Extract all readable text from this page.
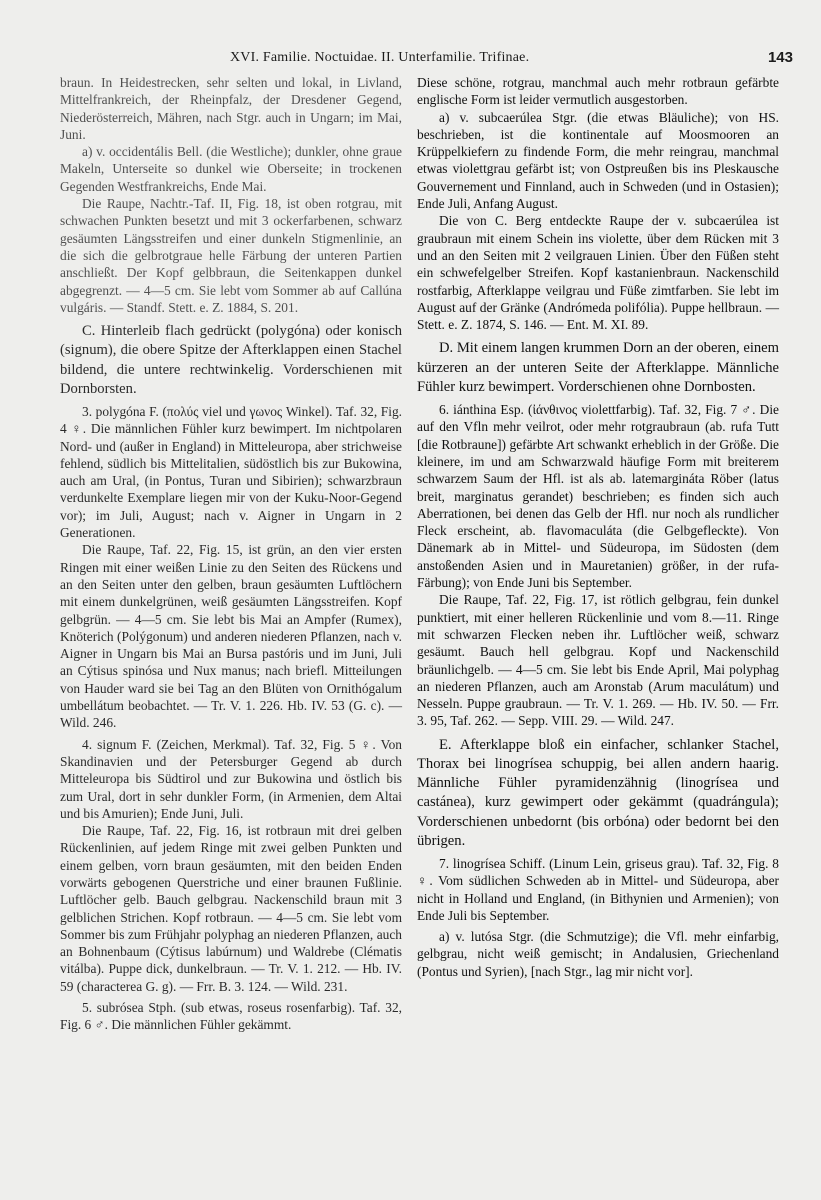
XVI. Familie. Noctuidae. II. Unterfamilie. Trifinae.	143

braun. In Heidestrecken, sehr selten und lokal, in Livland, Mittelfrankreich, der Rheinpfalz, der Dresdener Gegend, Niederösterreich, Mähren, nach Stgr. auch in Ungarn; im Mai, Juni.

a) v. occidentális Bell. (die Westliche); dunkler, ohne graue Makeln, Unterseite so dunkel wie Oberseite; in trockenen Gegenden Westfrankreichs, Ende Mai.

Die Raupe, Nachtr.-Taf. II, Fig. 18, ist oben rotgrau, mit schwachen Punkten besetzt und mit 3 ockerfarbenen, schwarz gesäumten Längsstreifen und einer dunkeln Stigmenlinie, an die sich die gelbrotgraue helle Färbung der unteren Partien anschließt. Der Kopf gelbbraun, die Seitenkappen dunkel abgegrenzt. — 4—5 cm. Sie lebt vom Sommer ab auf Callúna vulgáris. — Standf. Stett. e. Z. 1884, S. 201.

C. Hinterleib flach gedrückt (polygóna) oder konisch (signum), die obere Spitze der Afterklappen einen Stachel bildend, die untere rechtwinkelig. Vorderschienen mit Dornborsten.

3. polygóna F. (πολύς viel und γωνος Winkel). Taf. 32, Fig. 4 ♀. Die männlichen Fühler kurz bewimpert. Im nichtpolaren Nord- und (außer in England) in Mitteleuropa, aber strichweise fehlend, südlich bis Mittelitalien, südöstlich bis zur Bukowina, auch am Ural, (in Pontus, Turan und Sibirien); schwarzbraun verdunkelte Exemplare liegen mir von der Kuku-Noor-Gegend vor); im Juli, August; nach v. Aigner in Ungarn in 2 Generationen.

Die Raupe, Taf. 22, Fig. 15, ist grün, an den vier ersten Ringen mit einer weißen Linie zu den Seiten des Rückens und an den Seiten unter den gelben, braun gesäumten Luftlöchern mit einem dunkelgrünen, weiß gesäumten Längsstreifen. Kopf gelbgrün. — 4—5 cm. Sie lebt bis Mai an Ampfer (Rumex), Knöterich (Polýgonum) und anderen niederen Pflanzen, nach v. Aigner in Ungarn bis Mai an Bursa pastóris und im Juni, Juli an Cýtisus spinósa und Nux manus; nach briefl. Mitteilungen von Hauder ward sie bei Tag an den Blüten von Ornithógalum umbellátum beobachtet. — Tr. V. 1. 226. Hb. IV. 53 (G. c). — Wild. 246.

4. signum F. (Zeichen, Merkmal). Taf. 32, Fig. 5 ♀. Von Skandinavien und der Petersburger Gegend ab durch Mitteleuropa bis Südtirol und zur Bukowina und östlich bis zum Ural, dort in sehr dunkler Form, (in Armenien, dem Altai und bis Amurien); Ende Juni, Juli.

Die Raupe, Taf. 22, Fig. 16, ist rotbraun mit drei gelben Rückenlinien, auf jedem Ringe mit zwei gelben Punkten und einem gelben, vorn braun gesäumten, mit den beiden Enden vorwärts gebogenen Querstriche und einer braunen Fußlinie. Luftlöcher gelb. Bauch gelbgrau. Nackenschild braun mit 3 gelblichen Strichen. Kopf rotbraun. — 4—5 cm. Sie lebt vom Sommer bis zum Frühjahr polyphag an niederen Pflanzen, auch an Bohnenbaum (Cýtisus labúrnum) und Waldrebe (Clématis vitálba). Puppe dick, dunkelbraun. — Tr. V. 1. 212. — Hb. IV. 59 (characterea G. g). — Frr. B. 3. 124. — Wild. 231.

5. subrósea Stph. (sub etwas, roseus rosenfarbig). Taf. 32, Fig. 6 ♂. Die männlichen Fühler gekämmt.

Diese schöne, rotgrau, manchmal auch mehr rotbraun gefärbte englische Form ist leider vermutlich ausgestorben.

a) v. subcaerúlea Stgr. (die etwas Bläuliche); von HS. beschrieben, ist die kontinentale auf Moosmooren an Krüppelkiefern zu findende Form, die mehr reingrau, manchmal etwas violettgrau gefärbt ist; von Ostpreußen bis ins Pleskausche Gouvernement und Finnland, auch in Schweden (und in Ostasien); Ende Juli, Anfang August.

Die von C. Berg entdeckte Raupe der v. subcaerúlea ist graubraun mit einem Schein ins violette, über dem Rücken mit 3 und an den Seiten mit 2 veilgrauen Linien. Über den Füßen steht ein schwefelgelber Streifen. Kopf kastanienbraun. Nackenschild rostfarbig, Afterklappe veilgrau und Füße zimtfarben. Sie lebt im August auf der Gränke (Andrómeda polifólia). Puppe hellbraun. — Stett. e. Z. 1874, S. 146. — Ent. M. XI. 89.

D. Mit einem langen krummen Dorn an der oberen, einem kürzeren an der unteren Seite der Afterklappe. Männliche Fühler kurz bewimpert. Vorderschienen ohne Dornbosten.

6. iánthina Esp. (ἰάνθινος violettfarbig). Taf. 32, Fig. 7 ♂. Die auf den Vfln mehr veilrot, oder mehr rotgraubraun (ab. rufa Tutt [die Rotbraune]) gefärbte Art schwankt erheblich in der Größe. Die kleinere, im und am Schwarzwald häufige Form mit breiterem schwarzem Saum der Hfl. ist als ab. latemargináta Röber (latus breit, marginatus gerandet) beschrieben; es finden sich auch Aberrationen, bei denen das Gelb der Hfl. nur noch als rundlicher Fleck erscheint, ab. flavomaculáta (die Gelbgefleckte). Von Dänemark ab in Mittel- und Südeuropa, im Südosten (dem anstoßenden Asien und in Mauretanien) größer, in der rufa-Färbung); von Ende Juni bis September.

Die Raupe, Taf. 22, Fig. 17, ist rötlich gelbgrau, fein dunkel punktiert, mit einer helleren Rückenlinie und vom 8.—11. Ringe mit schwarzen Flecken neben ihr. Luftlöcher weiß, schwarz gesäumt. Bauch hell gelbgrau. Kopf und Nackenschild bräunlichgelb. — 4—5 cm. Sie lebt bis Ende April, Mai polyphag an niederen Pflanzen, auch am Aronstab (Arum maculátum) und Nesseln. Puppe graubraun. — Tr. V. 1. 269. — Hb. IV. 50. — Frr. 3. 95, Taf. 262. — Sepp. VIII. 29. — Wild. 247.

E. Afterklappe bloß ein einfacher, schlanker Stachel, Thorax bei linogrísea schuppig, bei allen andern haarig. Männliche Fühler pyramidenzähnig (linogrísea und castánea), kurz gewimpert oder gekämmt (quadrángula); Vorderschienen unbedornt (bis orbóna) oder bedornt bei den übrigen.

7. linogrísea Schiff. (Linum Lein, griseus grau). Taf. 32, Fig. 8 ♀. Vom südlichen Schweden ab in Mittel- und Südeuropa, aber nicht in Holland und England, (in Bithynien und Armenien); von Ende Juli bis September.

a) v. lutósa Stgr. (die Schmutzige); die Vfl. mehr einfarbig, gelbgrau, nicht weiß gemischt; in Andalusien, Griechenland (Pontus und Syrien), [nach Stgr., lag mir nicht vor].
